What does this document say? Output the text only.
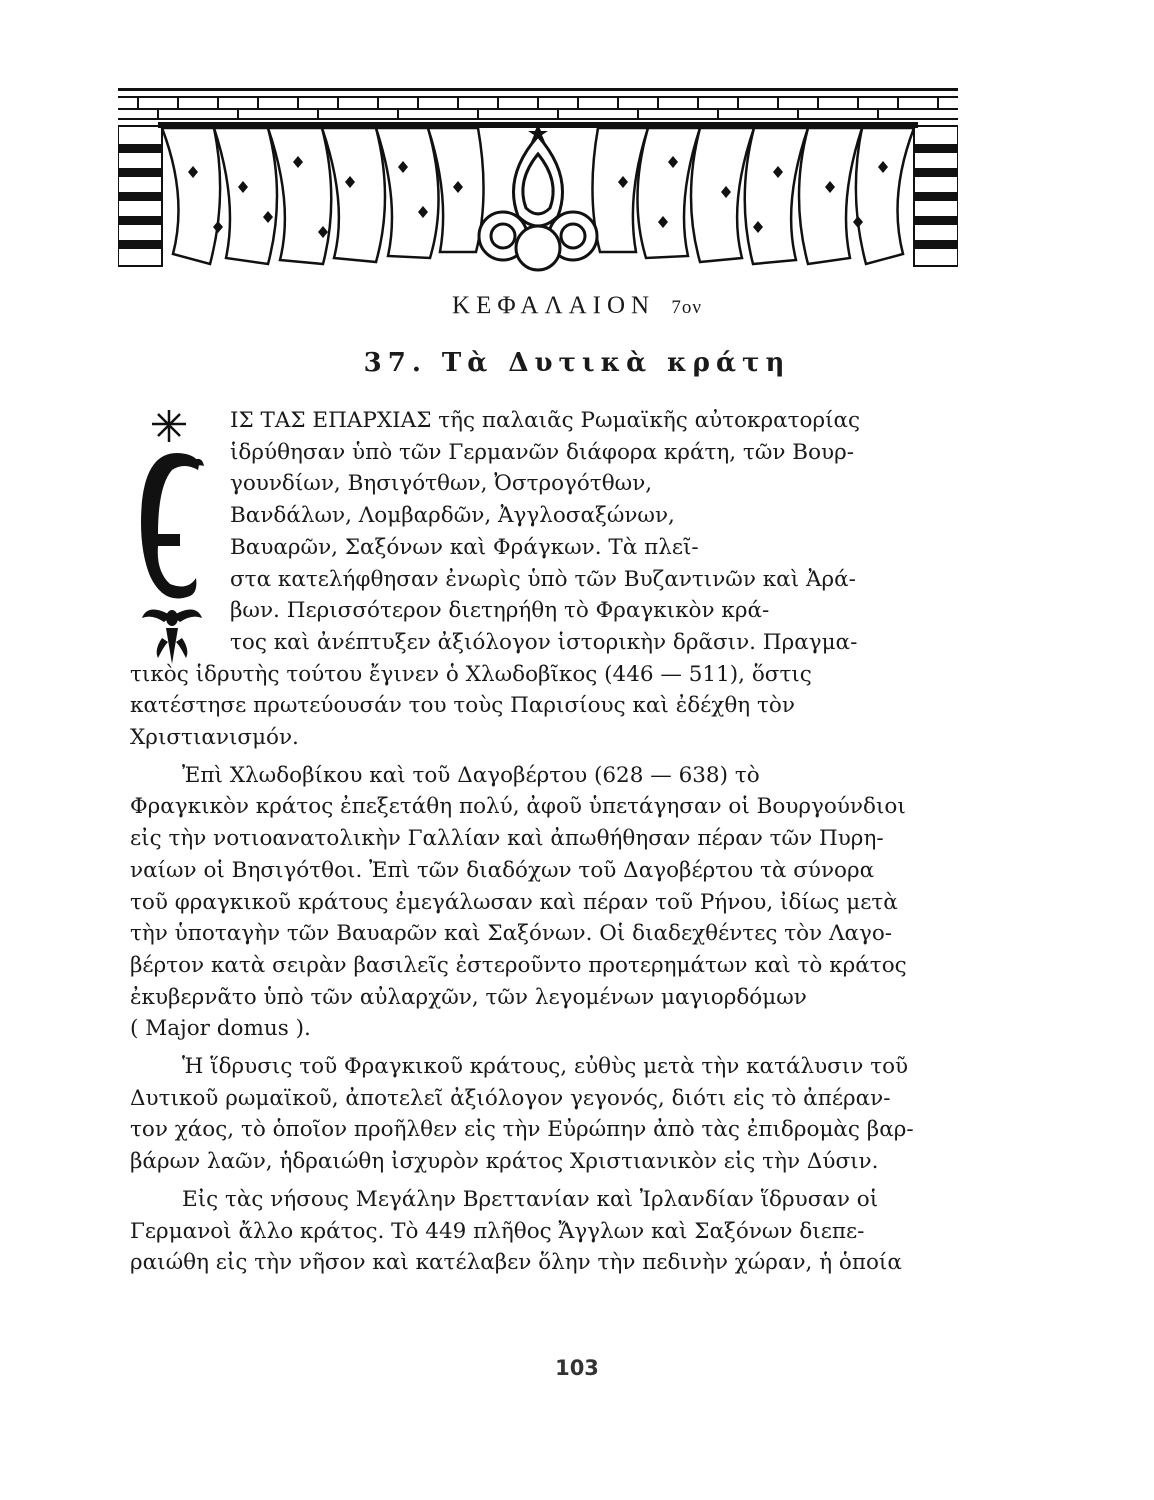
ΚΕΦΑΛΑΙΟΝ 7ον
37. Τὰ Δυτικὰ κράτη
ΙΣ ΤΑΣ ΕΠΑΡΧΙΑΣ τῆς παλαιᾶς Ρωμαϊκῆς αὐτοκρατορίας
ἱδρύθησαν ὑπὸ τῶν Γερμανῶν διάφορα κράτη, τῶν Βουρ-
γουνδίων, Βησιγότθων, Ὀστρογότθων,
Βανδάλων, Λομβαρδῶν, Ἀγγλοσαξώνων,
Βαυαρῶν, Σαξόνων καὶ Φράγκων. Τὰ πλεῖ-
στα κατελήφθησαν ἐνωρὶς ὑπὸ τῶν Βυζαντινῶν καὶ Ἀρά-
βων. Περισσότερον διετηρήθη τὸ Φραγκικὸν κρά-
τος καὶ ἀνέπτυξεν ἀξιόλογον ἱστορικὴν δρᾶσιν. Πραγμα-
τικὸς ἱδρυτὴς τούτου ἔγινεν ὁ Χλωδοβῖκος (446 — 511), ὅστις
κατέστησε πρωτεύουσάν του τοὺς Παρισίους καὶ ἐδέχθη τὸν
Χριστιανισμόν.
Ἐπὶ Χλωδοβίκου καὶ τοῦ Δαγοβέρτου (628 — 638) τὸ
Φραγκικὸν κράτος ἐπεξετάθη πολύ, ἀφοῦ ὑπετάγησαν οἱ Βουργούνδιοι
εἰς τὴν νοτιοανατολικὴν Γαλλίαν καὶ ἀπωθήθησαν πέραν τῶν Πυρη-
ναίων οἱ Βησιγότθοι. Ἐπὶ τῶν διαδόχων τοῦ Δαγοβέρτου τὰ σύνορα
τοῦ φραγκικοῦ κράτους ἐμεγάλωσαν καὶ πέραν τοῦ Ρήνου, ἰδίως μετὰ
τὴν ὑποταγὴν τῶν Βαυαρῶν καὶ Σαξόνων. Οἱ διαδεχθέντες τὸν Λαγο-
βέρτον κατὰ σειρὰν βασιλεῖς ἐστεροῦντο προτερημάτων καὶ τὸ κράτος
ἐκυβερνᾶτο ὑπὸ τῶν αὐλαρχῶν, τῶν λεγομένων μαγιορδόμων
( Major domus ).
Ἡ ἵδρυσις τοῦ Φραγκικοῦ κράτους, εὐθὺς μετὰ τὴν κατάλυσιν τοῦ
Δυτικοῦ ρωμαϊκοῦ, ἀποτελεῖ ἀξιόλογον γεγονός, διότι εἰς τὸ ἀπέραν-
τον χάος, τὸ ὁποῖον προῆλθεν εἰς τὴν Εὐρώπην ἀπὸ τὰς ἐπιδρομὰς βαρ-
βάρων λαῶν, ἡδραιώθη ἰσχυρὸν κράτος Χριστιανικὸν εἰς τὴν Δύσιν.
Εἰς τὰς νήσους Μεγάλην Βρεττανίαν καὶ Ἰρλανδίαν ἵδρυσαν οἱ
Γερμανοὶ ἄλλο κράτος. Τὸ 449 πλῆθος Ἄγγλων καὶ Σαξόνων διεπε-
ραιώθη εἰς τὴν νῆσον καὶ κατέλαβεν ὅλην τὴν πεδινὴν χώραν, ἡ ὁποία
103
